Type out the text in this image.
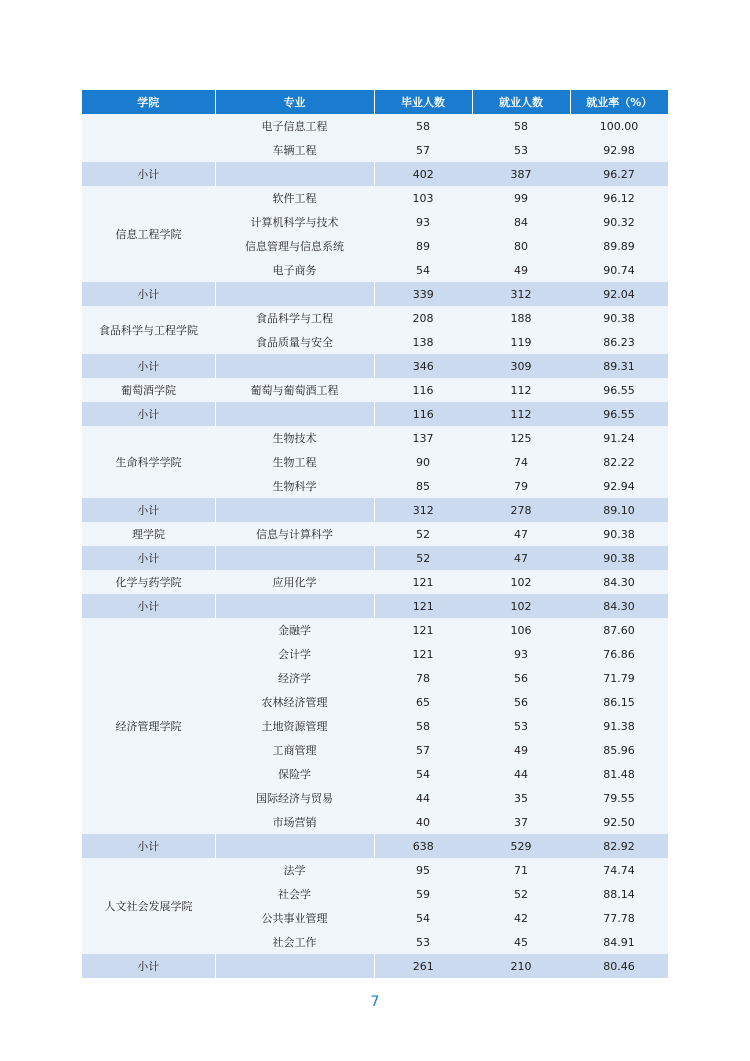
学院	专业	毕业人数	就业人数	就业率（%）
	电子信息工程	58	58	100.00
	车辆工程	57	53	92.98
小计		402	387	96.27
信息工程学院	软件工程	103	99	96.12
	计算机科学与技术	93	84	90.32
	信息管理与信息系统	89	80	89.89
	电子商务	54	49	90.74
小计		339	312	92.04
食品科学与工程学院	食品科学与工程	208	188	90.38
	食品质量与安全	138	119	86.23
小计		346	309	89.31
葡萄酒学院	葡萄与葡萄酒工程	116	112	96.55
小计		116	112	96.55
生命科学学院	生物技术	137	125	91.24
	生物工程	90	74	82.22
	生物科学	85	79	92.94
小计		312	278	89.10
理学院	信息与计算科学	52	47	90.38
小计		52	47	90.38
化学与药学院	应用化学	121	102	84.30
小计		121	102	84.30
经济管理学院	金融学	121	106	87.60
	会计学	121	93	76.86
	经济学	78	56	71.79
	农林经济管理	65	56	86.15
	土地资源管理	58	53	91.38
	工商管理	57	49	85.96
	保险学	54	44	81.48
	国际经济与贸易	44	35	79.55
	市场营销	40	37	92.50
小计		638	529	82.92
人文社会发展学院	法学	95	71	74.74
	社会学	59	52	88.14
	公共事业管理	54	42	77.78
	社会工作	53	45	84.91
小计		261	210	80.46
7
